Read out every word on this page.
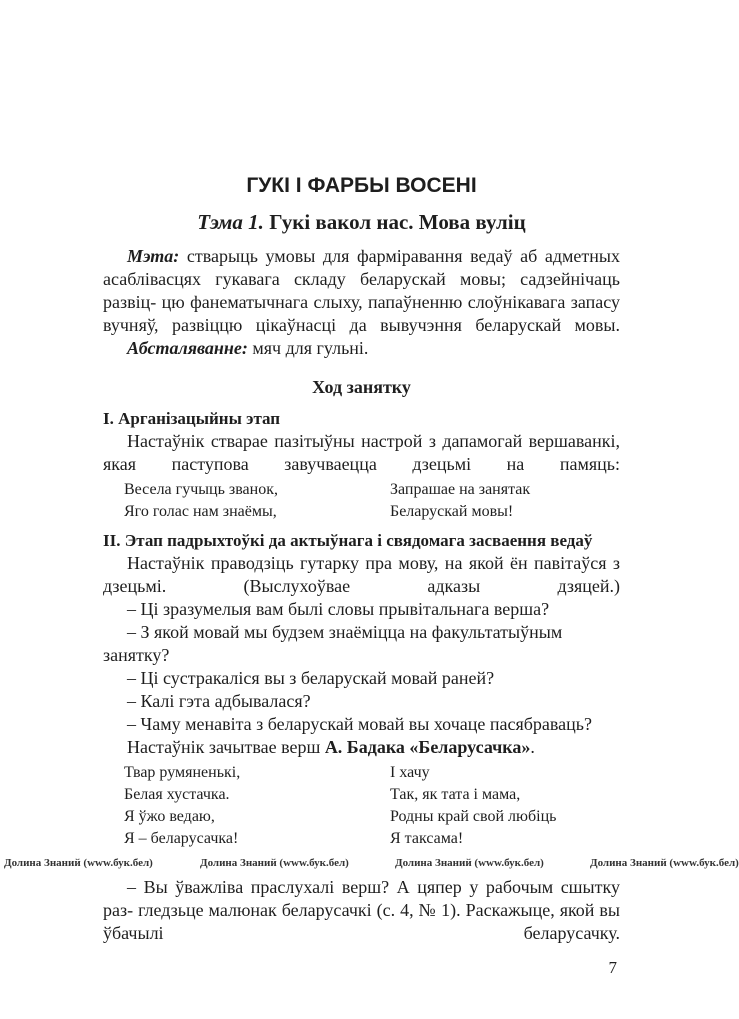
ГУКІ І ФАРБЫ ВОСЕНІ
Тэма 1. Гукі вакол нас. Мова вуліц
Мэта: стварыць умовы для фарміравання ведаў аб адметных асаблівасцях гукавага складу беларускай мовы; садзейнічаць развіц- цю фанематычнага слыху, папаўненню слоўнікавага запасу вучняў, развіццю цікаўнасці да вывучэння беларускай мовы.
Абсталяванне: мяч для гульні.
Ход занятку
I. Арганізацыйны этап
Настаўнік стварае пазітыўны настрой з дапамогай вершаванкі, якая паступова завучваецца дзецьмі на памяць:
Весела гучыць званок,	Запрашае на занятак
Яго голас нам знаёмы,	Беларускай мовы!
II. Этап падрыхтоўкі да актыўнага і свядомага засваення ведаў
Настаўнік праводзіць гутарку пра мову, на якой ён павітаўся з дзецьмі. (Выслухоўвае адказы дзяцей.)
– Ці зразумелыя вам былі словы прывітальнага верша?
– З якой мовай мы будзем знаёміцца на факультатыўным занятку?
– Ці сустракаліся вы з беларускай мовай раней?
– Калі гэта адбывалася?
– Чаму менавіта з беларускай мовай вы хочаце пасябраваць?
Настаўнік зачытвае верш А. Бадака «Беларусачка».
Твар румяненькі,	І хачу
Белая хустачка.	Так, як тата і мама,
Я ўжо ведаю,	Родны край свой любіць
Я – беларусачка!	Я таксама!
Долина Знаний (www.бук.бел)	Долина Знаний (www.бук.бел)	Долина Знаний (www.бук.бел)	Долина Знаний (www.бук.бел)
– Вы ўважліва праслухалі верш? А цяпер у рабочым сшытку раз- гледзьце малюнак беларусачкі (с. 4, № 1). Раскажыце, якой вы ўбачылі	беларусачку.
7
